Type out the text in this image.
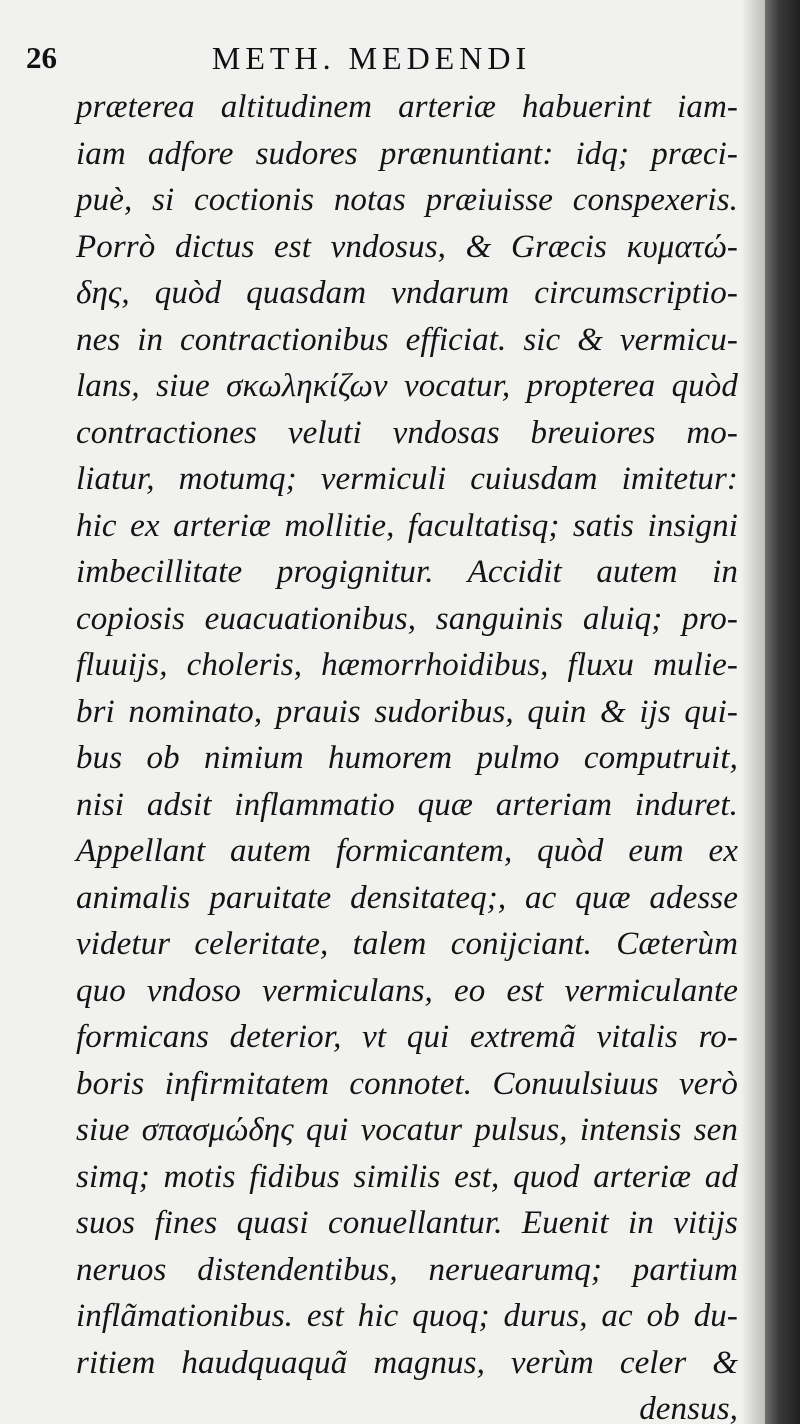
26	METH. MEDENDI
præterea altitudinem arteriæ habuerint iam-
iam adfore sudores prænuntiant: idq; præci-
puè, si coctionis notas præiuisse conspexeris.
Porrò dictus est vndosus, & Græcis κυματώ-
δης, quòd quasdam vndarum circumscriptio-
nes in contractionibus efficiat. sic & vermicu-
lans, siue σκωληκίζων vocatur, propterea quòd
contractiones veluti vndosas breuiores mo-
liatur, motumq; vermiculi cuiusdam imitetur:
hic ex arteriæ mollitie, facultatisq; satis insigni
imbecillitate progignitur. Accidit autem in
copiosis euacuationibus, sanguinis aluiq; pro-
fluuijs, choleris, hæmorrhoidibus, fluxu mulie-
bri nominato, prauis sudoribus, quin & ijs qui-
bus ob nimium humorem pulmo computruit,
nisi adsit inflammatio quæ arteriam induret.
Appellant autem formicantem, quòd eum ex
animalis paruitate densitateq;, ac quæ adesse
videtur celeritate, talem conijciant. Cæterùm
quo vndoso vermiculans, eo est vermiculante
formicans deterior, vt qui extremã vitalis ro-
boris infirmitatem connotet. Conuulsiuus verò
siue σπασμώδης qui vocatur pulsus, intensis sen
simq; motis fidibus similis est, quod arteriæ ad
suos fines quasi conuellantur. Euenit in vitijs
neruos distendentibus, neruearumq; partium
inflãmationibus. est hic quoq; durus, ac ob du-
ritiem haudquaquã magnus, verùm celer &
densus,
